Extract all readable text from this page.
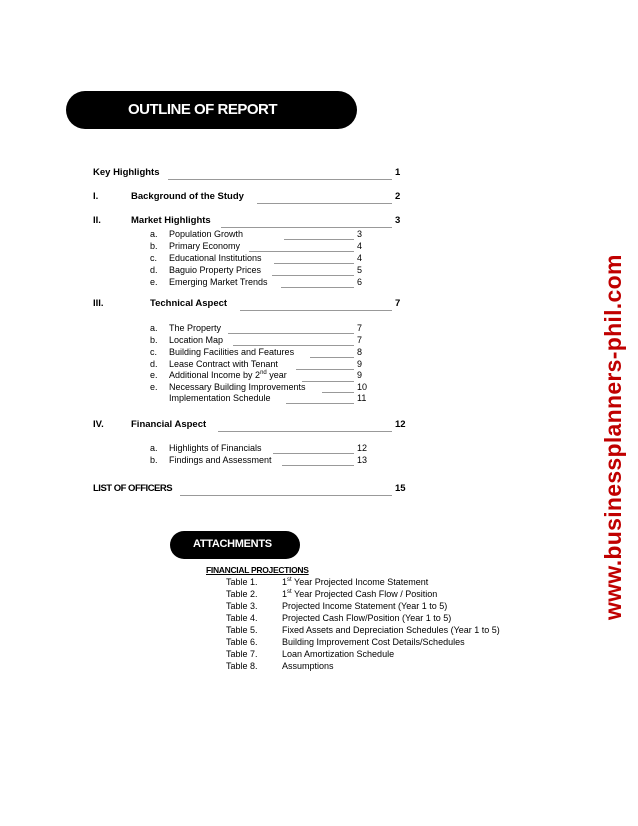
OUTLINE OF REPORT
Key Highlights	1
I.	Background of the Study	2
II.	Market Highlights	3
a. Population Growth	3
b. Primary Economy	4
c. Educational Institutions	4
d. Baguio Property Prices	5
e. Emerging Market Trends	6
III.	Technical Aspect	7
a. The Property	7
b. Location Map	7
c. Building Facilities and Features	8
d. Lease Contract with Tenant	9
e. Additional Income by 2nd year	9
e. Necessary Building Improvements	10
Implementation Schedule	11
IV.	Financial Aspect	12
a. Highlights of Financials	12
b. Findings and Assessment	13
LIST OF OFFICERS	15
ATTACHMENTS
FINANCIAL PROJECTIONS
Table 1.	1st Year Projected Income Statement
Table 2.	1st Year Projected Cash Flow / Position
Table 3.	Projected Income Statement (Year 1 to 5)
Table 4.	Projected Cash Flow/Position (Year 1 to 5)
Table 5.	Fixed Assets and Depreciation Schedules (Year 1 to 5)
Table 6.	Building Improvement Cost Details/Schedules
Table 7.	Loan Amortization Schedule
Table 8.	Assumptions
www.businessplanners-phil.com
